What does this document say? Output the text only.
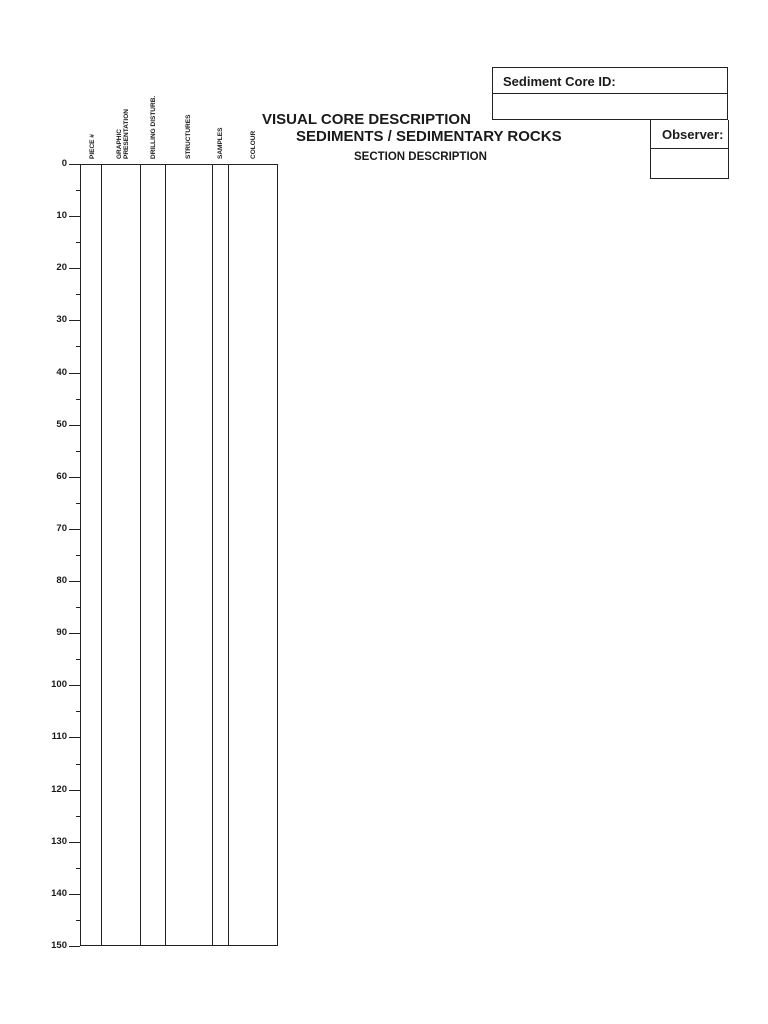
Sediment Core ID:
Observer:
VISUAL CORE DESCRIPTION
SEDIMENTS / SEDIMENTARY ROCKS
SECTION DESCRIPTION
PIECE #	GRAPHIC
PRESENTATION	DRILLING DISTURB.	STRUCTURES	SAMPLES	COLOUR
0
10
20
30
40
50
60
70
80
90
100
110
120
130
140
150
